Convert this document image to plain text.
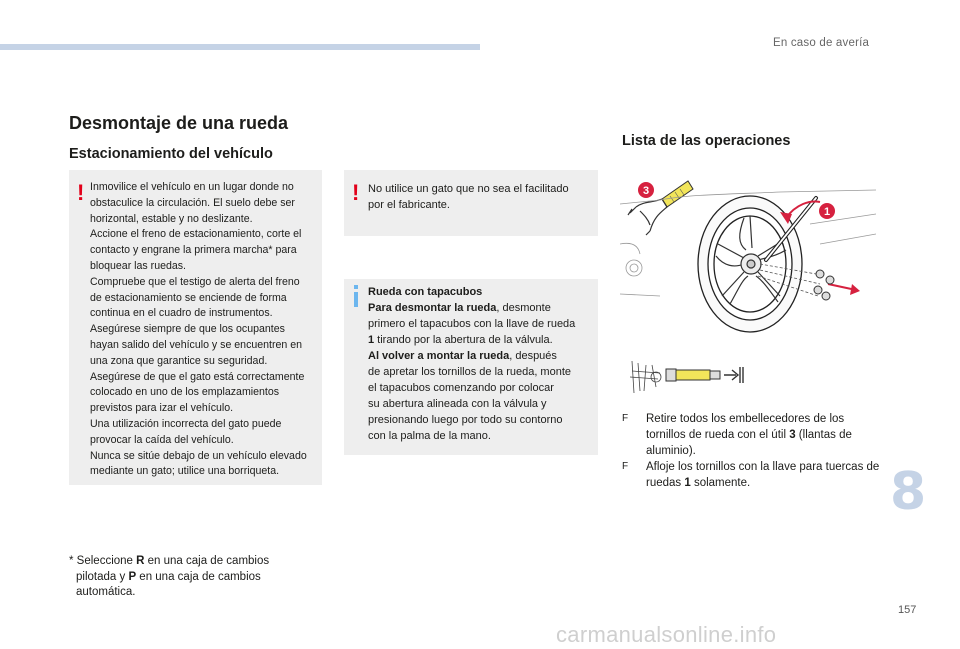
En caso de avería
Desmontaje de una rueda
Estacionamiento del vehículo
Lista de las operaciones
! Inmovilice el vehículo en un lugar donde no

obstaculice la circulación. El suelo debe ser

horizontal, estable y no deslizante.

Accione el freno de estacionamiento, corte el

contacto y engrane la primera marcha* para

bloquear las ruedas.

Compruebe que el testigo de alerta del freno

de estacionamiento se enciende de forma

continua en el cuadro de instrumentos.

Asegúrese siempre de que los ocupantes

hayan salido del vehículo y se encuentren en

una zona que garantice su seguridad.

Asegúrese de que el gato está correctamente

colocado en uno de los emplazamientos

previstos para izar el vehículo.

Una utilización incorrecta del gato puede

provocar la caída del vehículo.

Nunca se sitúe debajo de un vehículo elevado

mediante un gato; utilice una borriqueta.

! No utilice un gato que no sea el facilitado

por el fabricante.

Rueda con tapacubos

Para desmontar la rueda, desmonte

primero el tapacubos con la llave de rueda

1 tirando por la abertura de la válvula.

Al volver a montar la rueda, después

de apretar los tornillos de la rueda, monte

el tapacubos comenzando por colocar

su abertura alineada con la válvula y

presionando luego por todo su contorno

con la palma de la mano.

* Seleccione R en una caja de cambios
pilotada y P en una caja de cambios
automática.
3
1

F Retire todos los embellecedores de los tornillos de rueda con el útil 3 (llantas de aluminio).

F Afloje los tornillos con la llave para tuercas de ruedas 1 solamente.	8
157
carmanualsonline.info
